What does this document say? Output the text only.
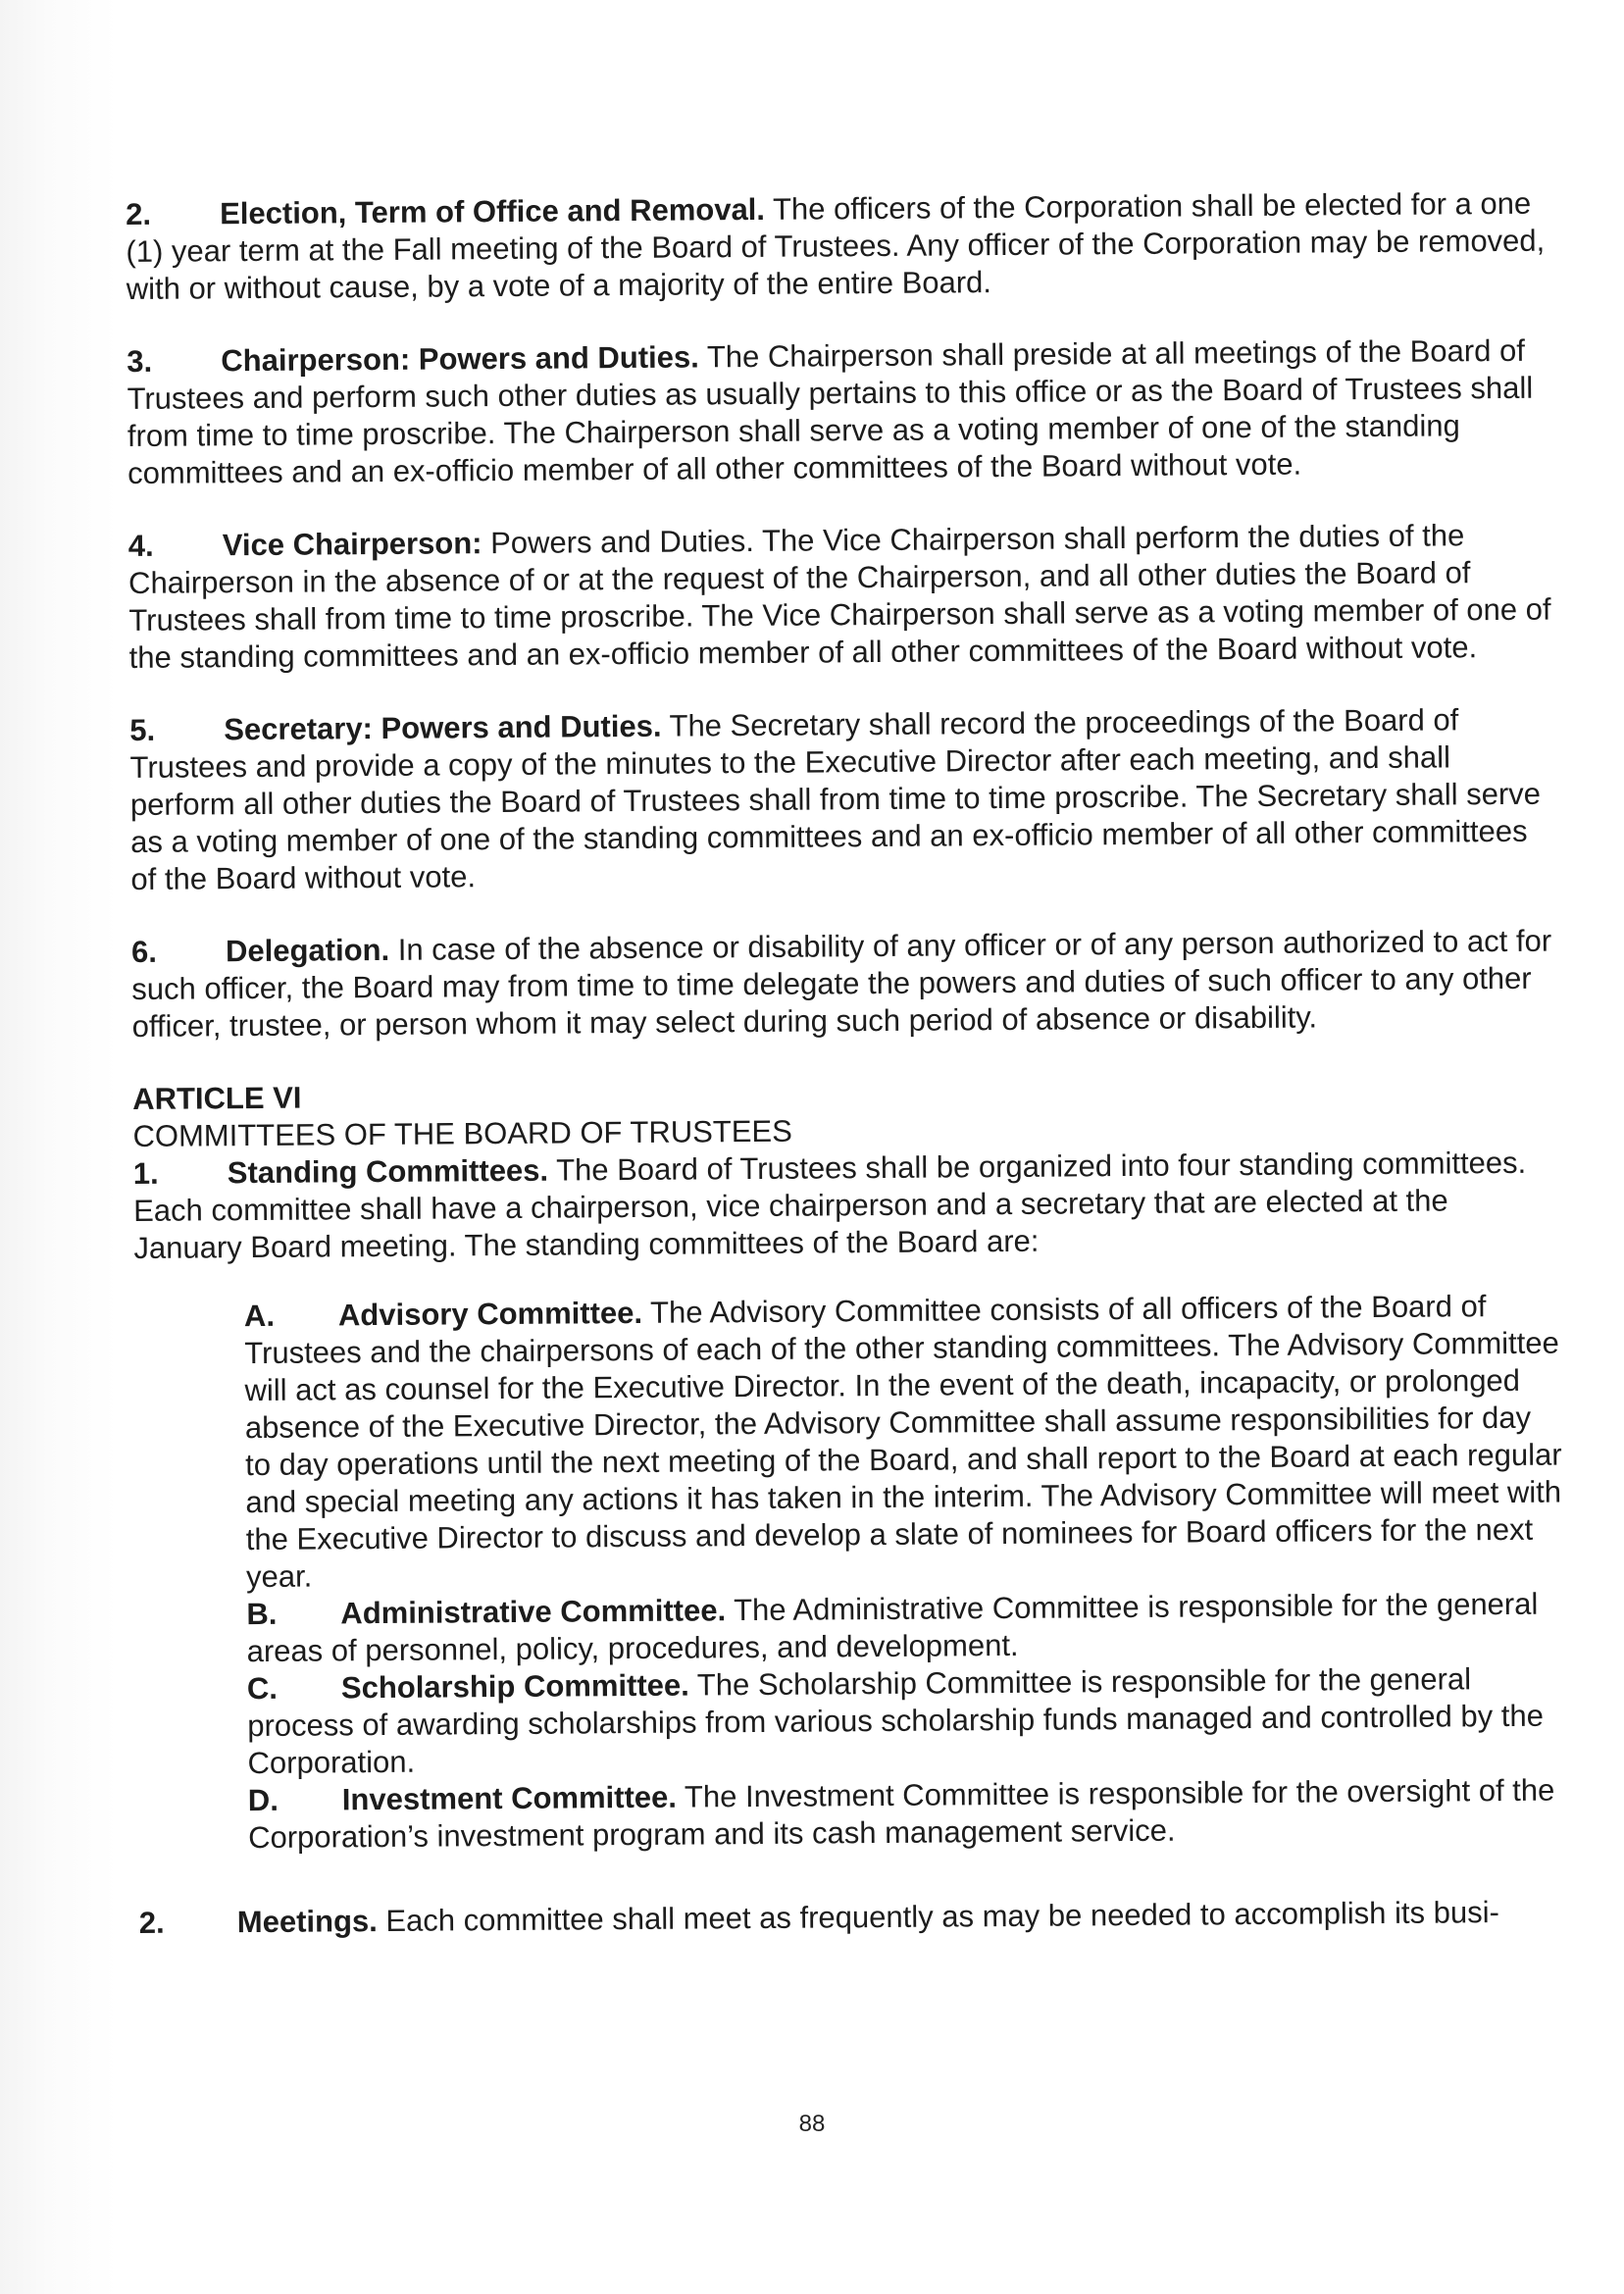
2. Election, Term of Office and Removal. The officers of the Corporation shall be elected for a one (1) year term at the Fall meeting of the Board of Trustees. Any officer of the Corporation may be removed, with or without cause, by a vote of a majority of the entire Board.

3. Chairperson: Powers and Duties. The Chairperson shall preside at all meetings of the Board of Trustees and perform such other duties as usually pertains to this office or as the Board of Trustees shall from time to time proscribe. The Chairperson shall serve as a voting member of one of the standing committees and an ex-officio member of all other committees of the Board without vote.

4. Vice Chairperson: Powers and Duties. The Vice Chairperson shall perform the duties of the Chairperson in the absence of or at the request of the Chairperson, and all other duties the Board of Trustees shall from time to time proscribe. The Vice Chairperson shall serve as a voting member of one of the standing committees and an ex-officio member of all other committees of the Board without vote.

5. Secretary: Powers and Duties. The Secretary shall record the proceedings of the Board of Trustees and provide a copy of the minutes to the Executive Director after each meeting, and shall perform all other duties the Board of Trustees shall from time to time proscribe. The Secretary shall serve as a voting member of one of the standing committees and an ex-officio member of all other committees of the Board without vote.

6. Delegation. In case of the absence or disability of any officer or of any person authorized to act for such officer, the Board may from time to time delegate the powers and duties of such officer to any other officer, trustee, or person whom it may select during such period of absence or disability.

ARTICLE VI

COMMITTEES OF THE BOARD OF TRUSTEES

1. Standing Committees. The Board of Trustees shall be organized into four standing committees. Each committee shall have a chairperson, vice chairperson and a secretary that are elected at the January Board meeting. The standing committees of the Board are:

A. Advisory Committee. The Advisory Committee consists of all officers of the Board of Trustees and the chairpersons of each of the other standing committees. The Advisory Committee will act as counsel for the Executive Director. In the event of the death, incapacity, or prolonged absence of the Executive Director, the Advisory Committee shall assume responsibilities for day to day operations until the next meeting of the Board, and shall report to the Board at each regular and special meeting any actions it has taken in the interim. The Advisory Committee will meet with the Executive Director to discuss and develop a slate of nominees for Board officers for the next year.

B. Administrative Committee. The Administrative Committee is responsible for the general areas of personnel, policy, procedures, and development.

C. Scholarship Committee. The Scholarship Committee is responsible for the general process of awarding scholarships from various scholarship funds managed and controlled by the Corporation.

D. Investment Committee. The Investment Committee is responsible for the oversight of the Corporation’s investment program and its cash management service.

2. Meetings. Each committee shall meet as frequently as may be needed to accomplish its busi-

88
